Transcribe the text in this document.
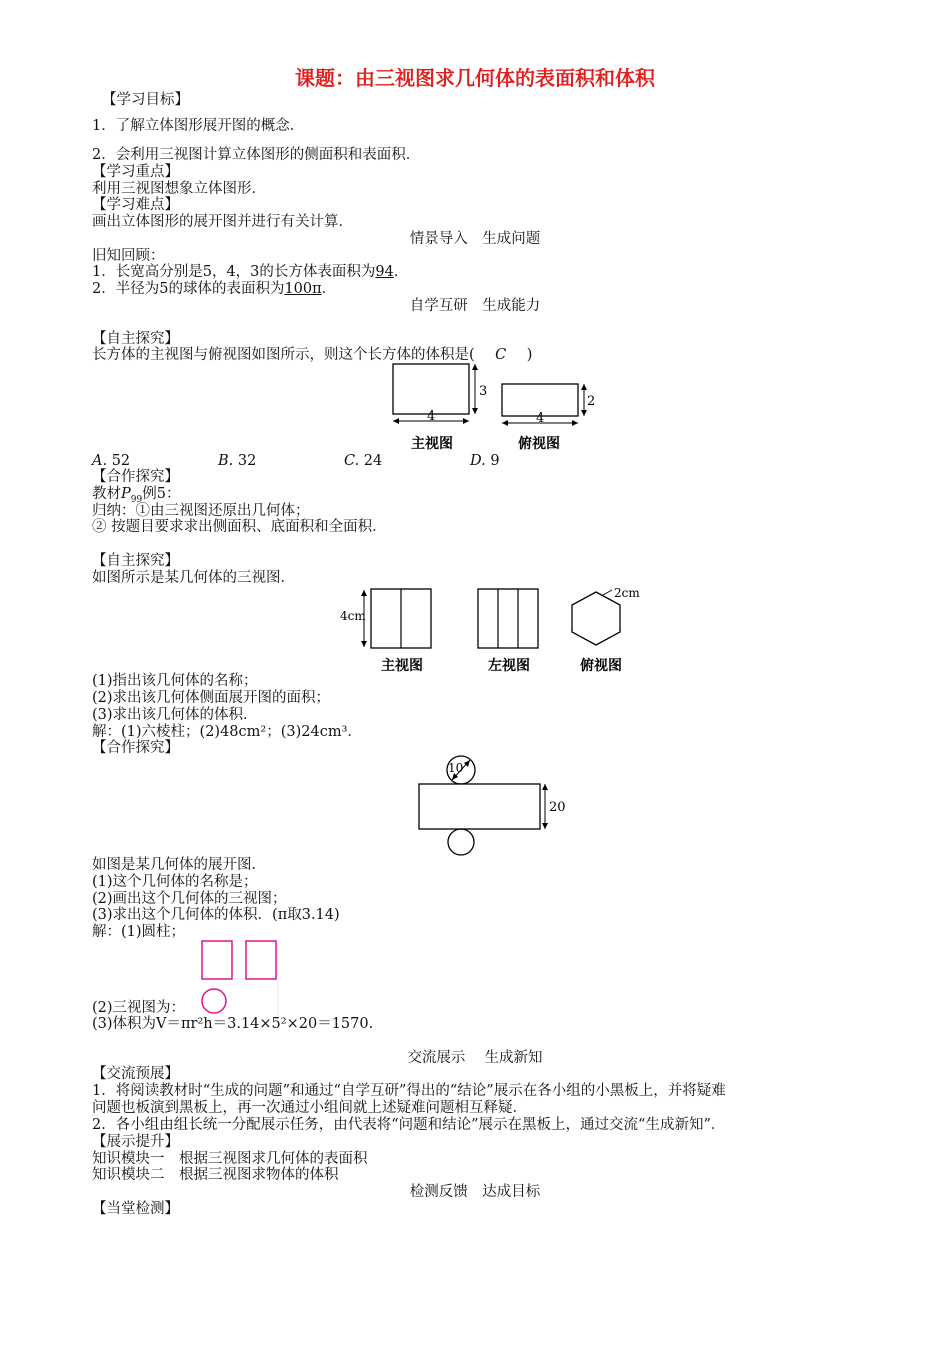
课题：由三视图求几何体的表面积和体积
【学习目标】
1．了解立体图形展开图的概念．
2．会利用三视图计算立体图形的侧面积和表面积．
【学习重点】
利用三视图想象立体图形．
【学习难点】
画出立体图形的展开图并进行有关计算．
情景导入　生成问题
旧知回顾：
1．长宽高分别是5，4，3的长方体表面积为94．
2．半径为5的球体的表面积为100π．
自学互研　生成能力
【自主探究】
长方体的主视图与俯视图如图所示，则这个长方体的体积是(　C　)
3
4
主视图
2
4
俯视图
A. 52	B. 32	C. 24	D. 9
【合作探究】
教材$P_{99}$例5：
归纳：①由三视图还原出几何体；
② 按题目要求求出侧面积、底面积和全面积．
【自主探究】
如图所示是某几何体的三视图．
4cm
主视图	左视图
2cm
俯视图
(1)指出该几何体的名称；
(2)求出该几何体侧面展开图的面积；
(3)求出该几何体的体积．
解：(1)六棱柱；(2)48cm²；(3)24cm³．
【合作探究】
10
20
如图是某几何体的展开图．
(1)这个几何体的名称是；
(2)画出这个几何体的三视图；
(3)求出这个几何体的体积．(π取3.14)
解：(1)圆柱；
(2)三视图为：
(3)体积为V＝πr²h＝3.14×5²×20＝1570.
交流展示　 生成新知
【交流预展】
1．将阅读教材时“生成的问题”和通过“自学互研”得出的“结论”展示在各小组的小黑板上，并将疑难
问题也板演到黑板上，再一次通过小组间就上述疑难问题相互释疑．
2．各小组由组长统一分配展示任务，由代表将“问题和结论”展示在黑板上，通过交流“生成新知”．
【展示提升】
知识模块一　根据三视图求几何体的表面积
知识模块二　根据三视图求物体的体积
检测反馈　达成目标
【当堂检测】
